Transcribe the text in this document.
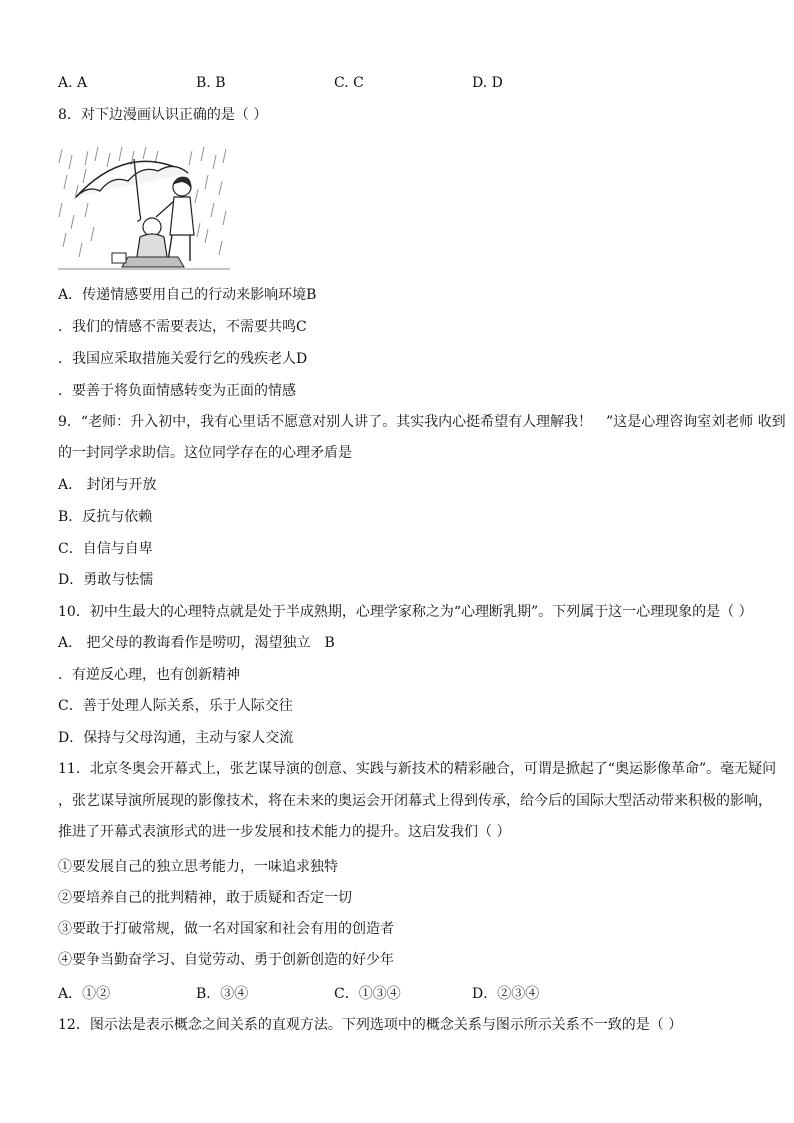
A. A	B. B	C. C	D. D
8．对下边漫画认识正确的是（ ）
A．传递情感要用自己的行动来影响环境B
．我们的情感不需要表达，不需要共鸣C
．我国应采取措施关爱行乞的残疾老人D
．要善于将负面情感转变为正面的情感
9．“老师：升入初中，我有心里话不愿意对别人讲了。其实我内心挺希望有人理解我！　”这是心理咨询室刘老师 收到
的一封同学求助信。这位同学存在的心理矛盾是
A． 封闭与开放
B．反抗与依赖
C．自信与自卑
D．勇敢与怯懦
10．初中生最大的心理特点就是处于半成熟期，心理学家称之为“心理断乳期”。下列属于这一心理现象的是（ ）
A． 把父母的教诲看作是唠叨，渴望独立　B
．有逆反心理，也有创新精神
C．善于处理人际关系，乐于人际交往
D．保持与父母沟通，主动与家人交流
11．北京冬奥会开幕式上，张艺谋导演的创意、实践与新技术的精彩融合，可谓是掀起了“奥运影像革命”。毫无疑问
，张艺谋导演所展现的影像技术，将在未来的奥运会开闭幕式上得到传承，给今后的国际大型活动带来积极的影响，
推进了开幕式表演形式的进一步发展和技术能力的提升。这启发我们（ ）
①要发展自己的独立思考能力，一味追求独特
②要培养自己的批判精神，敢于质疑和否定一切
③要敢于打破常规，做一名对国家和社会有用的创造者
④要争当勤奋学习、自觉劳动、勇于创新创造的好少年
A．①②	B．③④	C．①③④	D．②③④
12．图示法是表示概念之间关系的直观方法。下列选项中的概念关系与图示所示关系不一致的是（ ）
